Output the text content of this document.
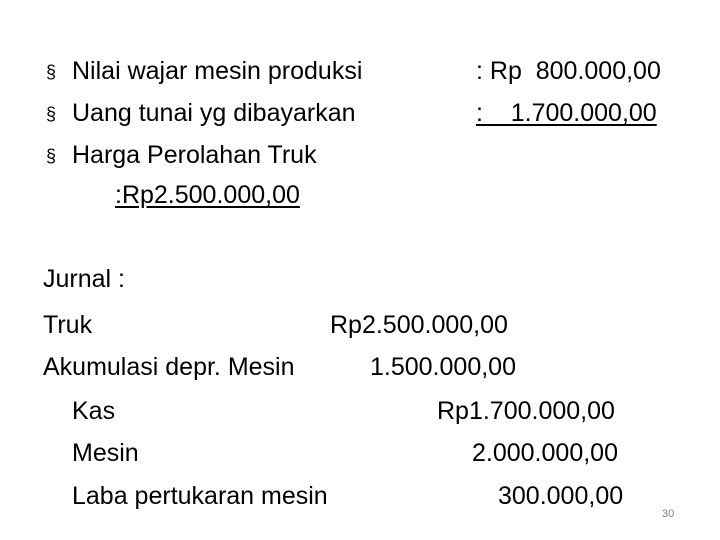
§ Nilai wajar mesin produksi	: Rp  800.000,00
§ Uang tunai yg dibayarkan	:    1.700.000,00
§ Harga Perolahan Truk
:Rp2.500.000,00
Jurnal :
Truk	Rp2.500.000,00
Akumulasi depr. Mesin	1.500.000,00
Kas	Rp1.700.000,00
Mesin	2.000.000,00
Laba pertukaran mesin	300.000,00
30
